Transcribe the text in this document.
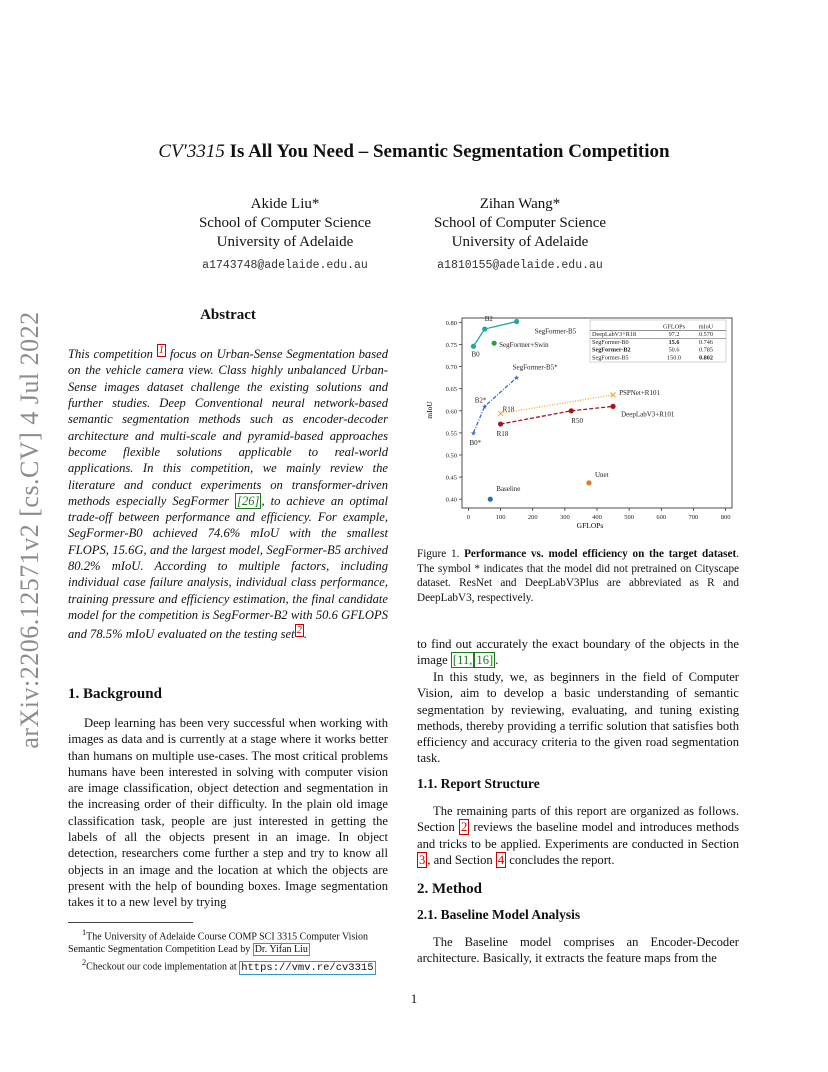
arXiv:2206.12571v2 [cs.CV] 4 Jul 2022
CV′3315 Is All You Need – Semantic Segmentation Competition
Akide Liu*
School of Computer Science
University of Adelaide
a1743748@adelaide.edu.au
Zihan Wang*
School of Computer Science
University of Adelaide
a1810155@adelaide.edu.au
Abstract
This competition $^1$ focus on Urban-Sense Segmentation based on the vehicle camera view. Class highly unbalanced Urban-Sense images dataset challenge the existing solutions and further studies. Deep Conventional neural network-based semantic segmentation methods such as encoder-decoder architecture and multi-scale and pyramid-based approaches become flexible solutions applicable to real-world applications. In this competition, we mainly review the literature and conduct experiments on transformer-driven methods especially SegFormer [26] , to achieve an optimal trade-off between performance and efficiency. For example, SegFormer-B0 achieved 74.6% mIoU with the smallest FLOPS, 15.6G, and the largest model, SegFormer-B5 archived 80.2% mIoU. According to multiple factors, including individual case failure analysis, individual class performance, training pressure and efficiency estimation, the final candidate model for the competition is SegFormer-B2 with 50.6 GFLOPS and 78.5% mIoU evaluated on the testing set $^2$ .
1. Background
Deep learning has been very successful when working with images as data and is currently at a stage where it works better than humans on multiple use-cases. The most critical problems humans have been interested in solving with computer vision are image classification, object detection and segmentation in the increasing order of their difficulty. In the plain old image classification task, people are just interested in getting the labels of all the objects present in an image. In object detection, researchers come further a step and try to know all objects in an image and the location at which the objects are present with the help of bounding boxes. Image segmentation takes it to a new level by trying
$^1$The University of Adelaide Course COMP SCI 3315 Computer Vision Semantic Segmentation Competition Lead by Dr. Yifan Liu
$^2$Checkout our code implementation at https://vmv.re/cv3315
1
0.40
0.45
0.50
0.55
0.60
0.65
0.70
0.75
0.80
0	100	200	300	400	500	600	700	800
★
★
★
B0
B2
SegFormer-B5
SegFormer+Swin
B0*
B2*
SegFormer-B5*
R18
PSPNet+R101
R18
R50
DeepLabV3+R101
Unet
Baseline
GFLOPs
mIoU
GFLOPs mIoU
DeepLabV3+R18	97.2	0.570
SegFormer-B0	15.6	0.746
SegFormer-B2	50.6	0.785
SegFormer-B5	150.0	0.802
Figure 1. Performance vs. model efficiency on the target dataset. The symbol * indicates that the model did not pretrained on Cityscape dataset. ResNet and DeepLabV3Plus are abbreviated as R and DeepLabV3, respectively.
to find out accurately the exact boundary of the objects in the image [11, 16] .
In this study, we, as beginners in the field of Computer Vision, aim to develop a basic understanding of semantic segmentation by reviewing, evaluating, and tuning existing methods, thereby providing a terrific solution that satisfies both efficiency and accuracy criteria to the given road segmentation task.
1.1. Report Structure
The remaining parts of this report are organized as follows. Section 2 reviews the baseline model and introduces methods and tricks to be applied. Experiments are conducted in Section 3 , and Section 4 concludes the report.
2. Method
2.1. Baseline Model Analysis
The Baseline model comprises an Encoder-Decoder architecture. Basically, it extracts the feature maps from the
